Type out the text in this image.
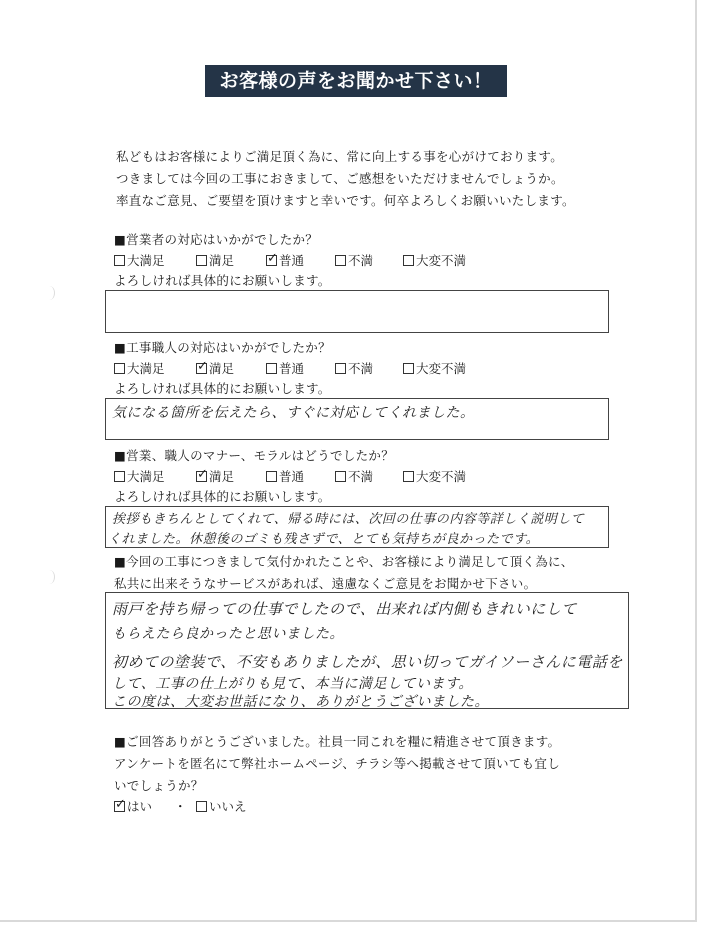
お客様の声をお聞かせ下さい！
私どもはお客様によりご満足頂く為に、常に向上する事を心がけております。
つきましては今回の工事におきまして、ご感想をいただけませんでしょうか。
率直なご意見、ご要望を頂けますと幸いです。何卒よろしくお願いいたします。
■営業者の対応はいかがでしたか？
大満足	満足 ✓	普通	不満	大変不満
よろしければ具体的にお願いします。
■工事職人の対応はいかがでしたか？
大満足 ✓	満足	普通	不満	大変不満
よろしければ具体的にお願いします。
気になる箇所を伝えたら、すぐに対応してくれました。
■営業、職人のマナー、モラルはどうでしたか？
大満足 ✓	満足	普通	不満	大変不満
よろしければ具体的にお願いします。
挨拶もきちんとしてくれて、帰る時には、次回の仕事の内容等詳しく説明して
くれました。休憩後のゴミも残さずで、とても気持ちが良かったです。
■今回の工事につきまして気付かれたことや、お客様により満足して頂く為に、
私共に出来そうなサービスがあれば、遠慮なくご意見をお聞かせ下さい。
雨戸を持ち帰っての仕事でしたので、出来れば内側もきれいにして
もらえたら良かったと思いました。
初めての塗装で、不安もありましたが、思い切ってガイソーさんに電話を
して、工事の仕上がりも見て、本当に満足しています。
この度は、大変お世話になり、ありがとうございました。
■ご回答ありがとうございました。社員一同これを糧に精進させて頂きます。
アンケートを匿名にて弊社ホームページ、チラシ等へ掲載させて頂いても宜し
いでしょうか？
✓はい ・	いいえ
